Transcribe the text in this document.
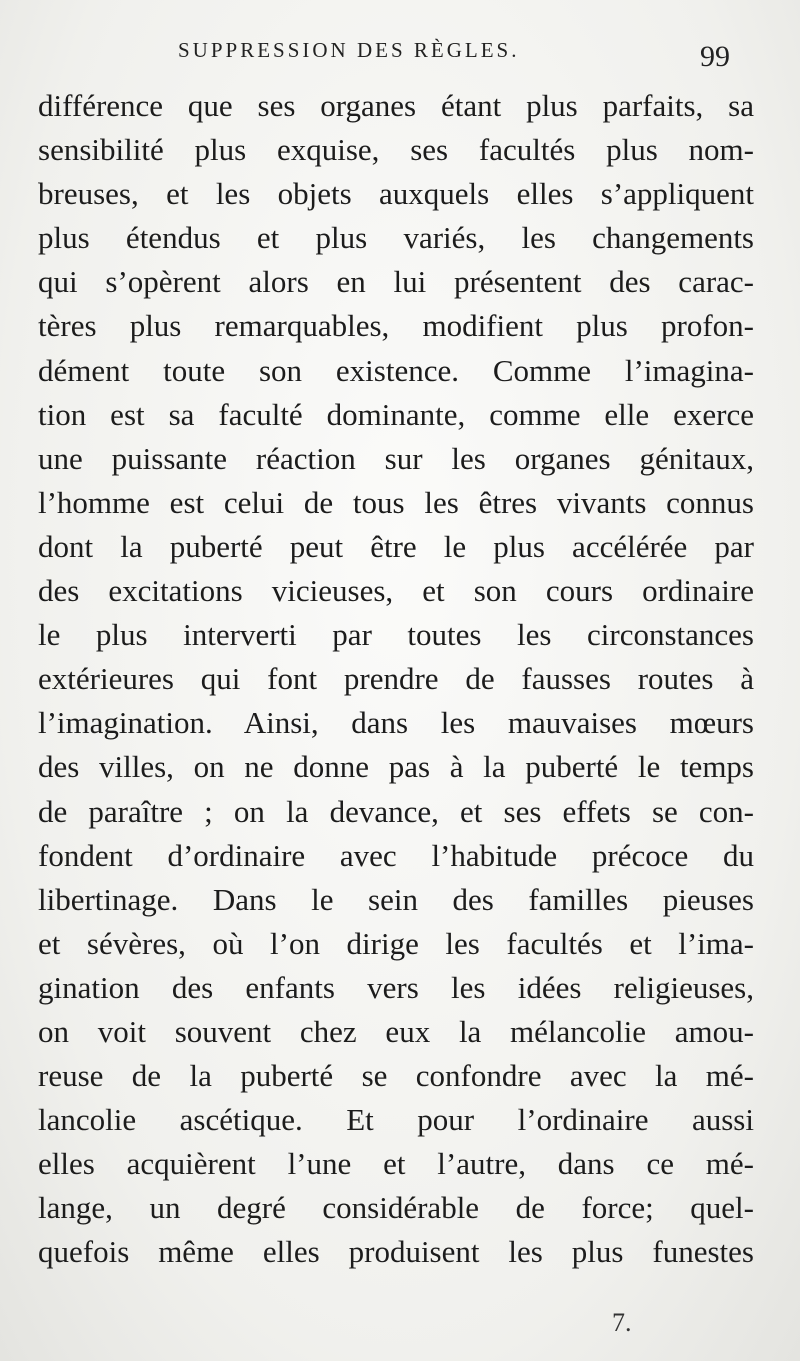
SUPPRESSION DES RÈGLES.	99
différence que ses organes étant plus parfaits, sa
sensibilité plus exquise, ses facultés plus nom-
breuses, et les objets auxquels elles s’appliquent
plus étendus et plus variés, les changements
qui s’opèrent alors en lui présentent des carac-
tères plus remarquables, modifient plus profon-
dément toute son existence. Comme l’imagina-
tion est sa faculté dominante, comme elle exerce
une puissante réaction sur les organes génitaux,
l’homme est celui de tous les êtres vivants connus
dont la puberté peut être le plus accélérée par
des excitations vicieuses, et son cours ordinaire
le plus interverti par toutes les circonstances
extérieures qui font prendre de fausses routes à
l’imagination. Ainsi, dans les mauvaises mœurs
des villes, on ne donne pas à la puberté le temps
de paraître ; on la devance, et ses effets se con-
fondent d’ordinaire avec l’habitude précoce du
libertinage. Dans le sein des familles pieuses
et sévères, où l’on dirige les facultés et l’ima-
gination des enfants vers les idées religieuses,
on voit souvent chez eux la mélancolie amou-
reuse de la puberté se confondre avec la mé-
lancolie ascétique. Et pour l’ordinaire aussi
elles acquièrent l’une et l’autre, dans ce mé-
lange, un degré considérable de force; quel-
quefois même elles produisent les plus funestes
7.
